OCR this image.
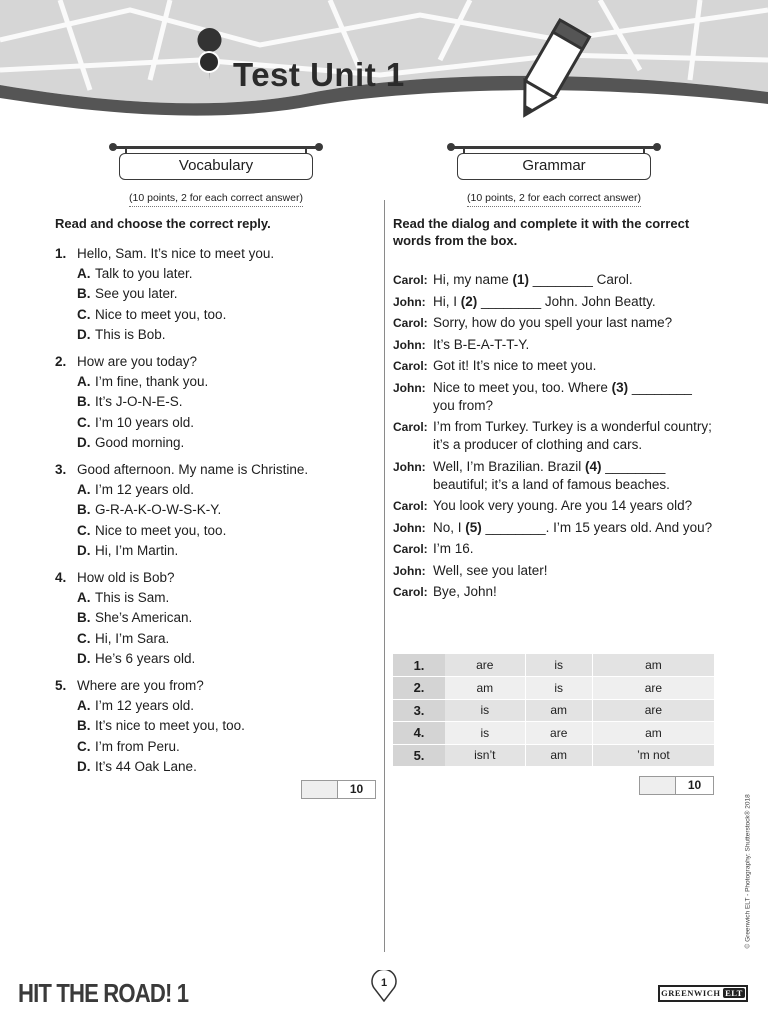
Test Unit 1
Vocabulary
(10 points, 2 for each correct answer)
Read and choose the correct reply.
1. Hello, Sam. It’s nice to meet you.
A. Talk to you later.
B. See you later.
C. Nice to meet you, too.
D. This is Bob.
2. How are you today?
A. I’m fine, thank you.
B. It’s J-O-N-E-S.
C. I’m 10 years old.
D. Good morning.
3. Good afternoon. My name is Christine.
A. I’m 12 years old.
B. G-R-A-K-O-W-S-K-Y.
C. Nice to meet you, too.
D. Hi, I’m Martin.
4. How old is Bob?
A. This is Sam.
B. She’s American.
C. Hi, I’m Sara.
D. He’s 6 years old.
5. Where are you from?
A. I’m 12 years old.
B. It’s nice to meet you, too.
C. I’m from Peru.
D. It’s 44 Oak Lane.
10
Grammar
(10 points, 2 for each correct answer)
Read the dialog and complete it with the correct words from the box.
Carol: Hi, my name (1) ________ Carol.
John: Hi, I (2) ________ John. John Beatty.
Carol: Sorry, how do you spell your last name?
John: It’s B-E-A-T-T-Y.
Carol: Got it! It’s nice to meet you.
John: Nice to meet you, too. Where (3) ________ you from?
Carol: I’m from Turkey. Turkey is a wonderful country; it’s a producer of clothing and cars.
John: Well, I’m Brazilian. Brazil (4) ________ beautiful; it’s a land of famous beaches.
Carol: You look very young. Are you 14 years old?
John: No, I (5) ________. I’m 15 years old. And you?
Carol: I’m 16.
John: Well, see you later!
Carol: Bye, John!
1.	are	is	am
2.	am	is	are
3.	is	am	are
4.	is	are	am
5.	isn’t	am	’m not
10
© Greenwich ELT - Photography: Shutterstock® 2018
HIT THE ROAD! 1	1
GREENWICH ELT
